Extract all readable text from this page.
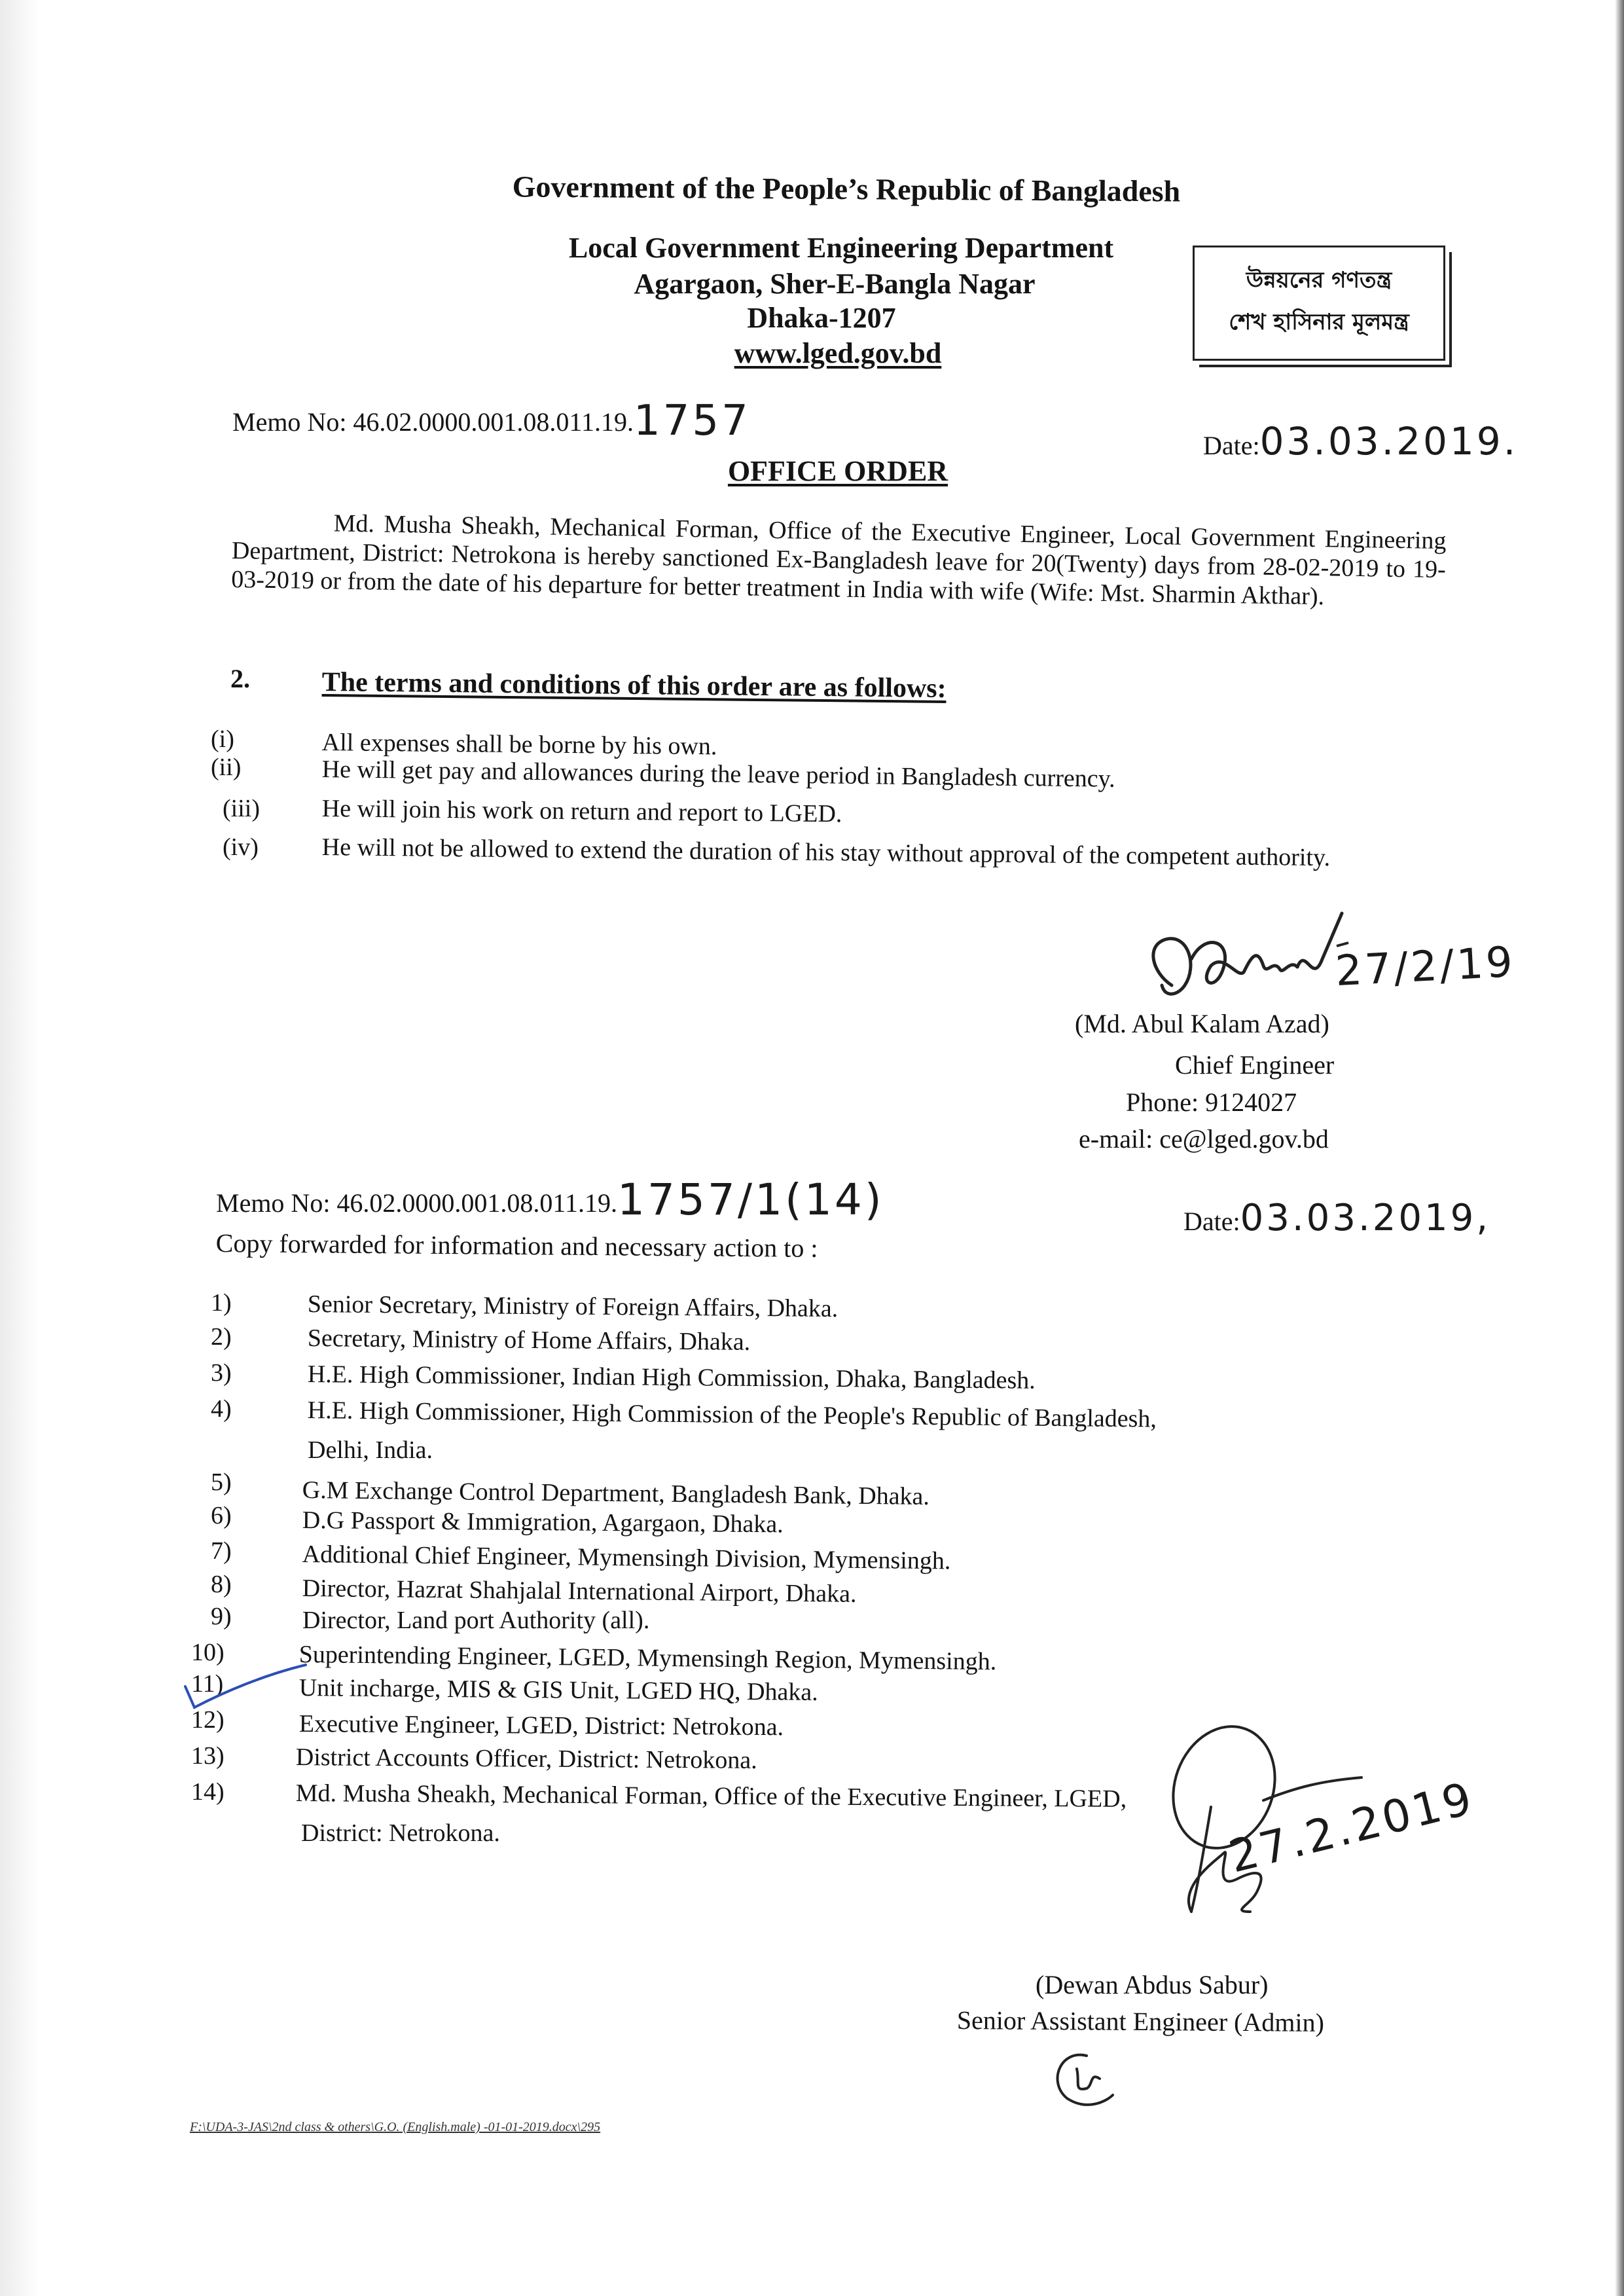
Government of the People’s Republic of Bangladesh
Local Government Engineering Department
Agargaon, Sher-E-Bangla Nagar
Dhaka-1207
www.lged.gov.bd
উন্নয়নের গণতন্ত্র
শেখ হাসিনার মূলমন্ত্র
Memo No: 46.02.0000.001.08.011.19.1757
Date:03.03.2019.
OFFICE ORDER
Md. Musha Sheakh, Mechanical Forman, Office of the Executive Engineer, Local Government Engineering Department, District: Netrokona is hereby sanctioned Ex-Bangladesh leave for 20(Twenty) days from 28-02-2019 to 19-03-2019 or from the date of his departure for better treatment in India with wife (Wife: Mst. Sharmin Akthar).
2.	The terms and conditions of this order are as follows:
(i)	All expenses shall be borne by his own.
(ii)	He will get pay and allowances during the leave period in Bangladesh currency.
(iii) He will join his work on return and report to LGED.
(iv)	He will not be allowed to extend the duration of his stay without approval of the competent authority.
27/2/19
(Md. Abul Kalam Azad)
Chief Engineer
Phone: 9124027
e-mail: ce@lged.gov.bd
Memo No: 46.02.0000.001.08.011.19.1757/1(14)	Date:03.03.2019,
Copy forwarded for information and necessary action to :
1)	Senior Secretary, Ministry of Foreign Affairs, Dhaka.
2)	Secretary, Ministry of Home Affairs, Dhaka.
3)	H.E. High Commissioner, Indian High Commission, Dhaka, Bangladesh.
4)	H.E. High Commissioner, High Commission of the People's Republic of Bangladesh,
Delhi, India.
5)	G.M Exchange Control Department, Bangladesh Bank, Dhaka.
6)	D.G Passport & Immigration, Agargaon, Dhaka.
7)	Additional Chief Engineer, Mymensingh Division, Mymensingh.
8)	Director, Hazrat Shahjalal International Airport, Dhaka.
9)	Director, Land port Authority (all).
10)	Superintending Engineer, LGED, Mymensingh Region, Mymensingh.
11)	Unit incharge, MIS & GIS Unit, LGED HQ, Dhaka.
12)	Executive Engineer, LGED, District: Netrokona.
13)	District Accounts Officer, District: Netrokona.
14)	Md. Musha Sheakh, Mechanical Forman, Office of the Executive Engineer, LGED,
District: Netrokona.	27.2.2019
(Dewan Abdus Sabur)
Senior Assistant Engineer (Admin)
F:\UDA-3-JAS\2nd class & others\G.O. (English.male) -01-01-2019.docx\295
